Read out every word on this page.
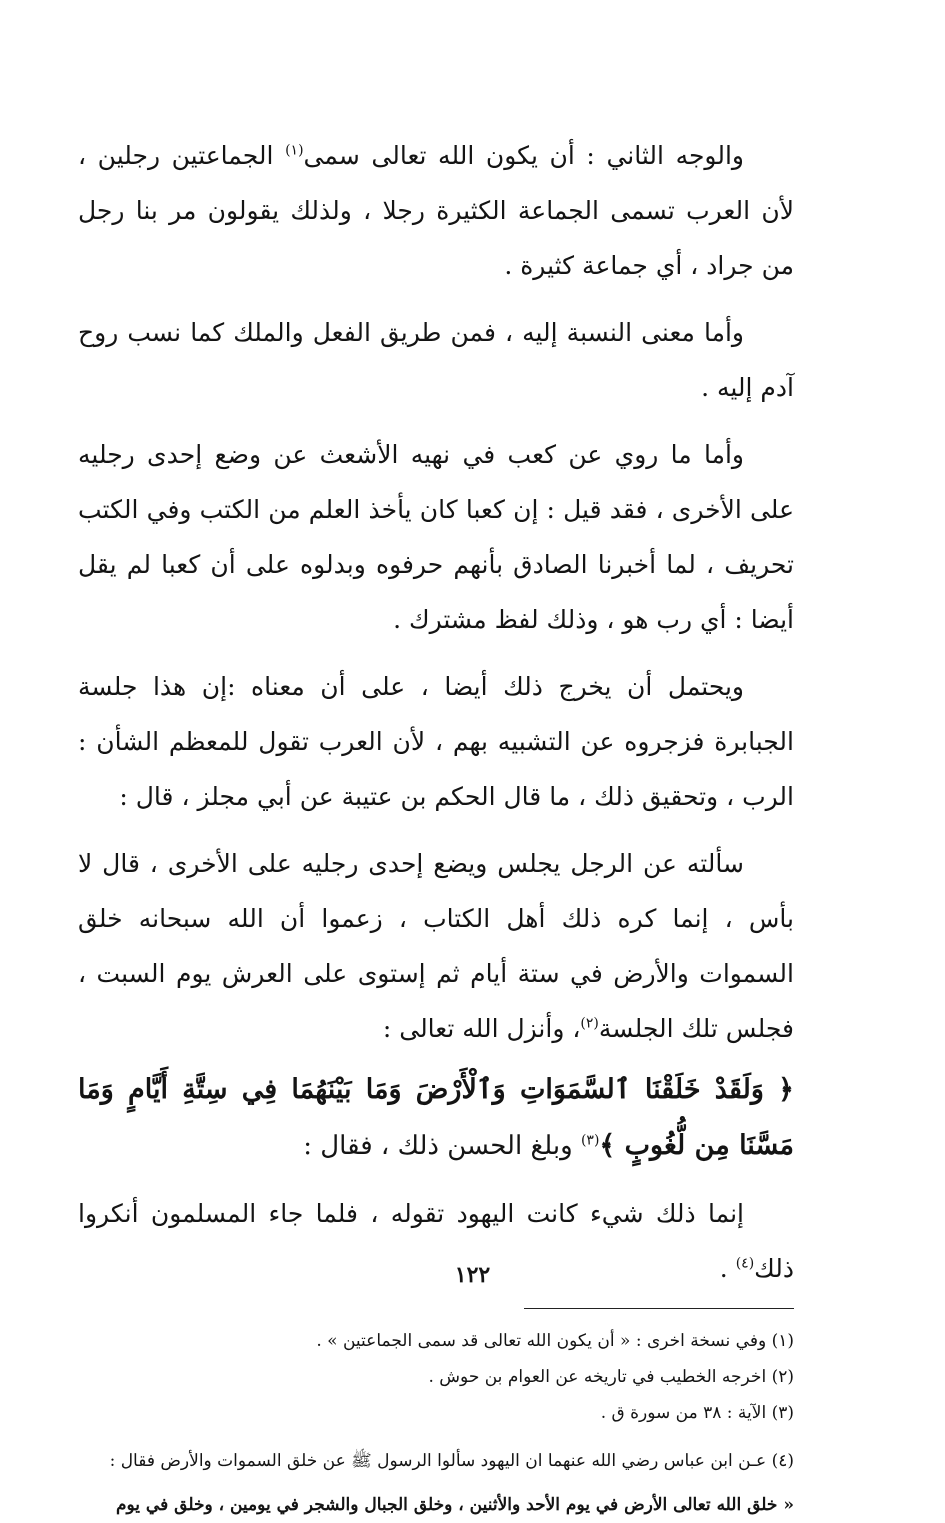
والوجه الثاني : أن يكون الله تعالى سمى$^{(١)}$ الجماعتين رجلين ، لأن العرب تسمى الجماعة الكثيرة رجلا ، ولذلك يقولون مر بنا رجل من جراد ، أي جماعة كثيرة .

وأما معنى النسبة إليه ، فمن طريق الفعل والملك كما نسب روح آدم إليه .

وأما ما روي عن كعب في نهيه الأشعث عن وضع إحدى رجليه على الأخرى ، فقد قيل : إن كعبا كان يأخذ العلم من الكتب وفي الكتب تحريف ، لما أخبرنا الصادق بأنهم حرفوه وبدلوه على أن كعبا لم يقل أيضا : أي رب هو ، وذلك لفظ مشترك .

ويحتمل أن يخرج ذلك أيضا ، على أن معناه :إن هذا جلسة الجبابرة فزجروه عن التشبيه بهم ، لأن العرب تقول للمعظم الشأن : الرب ، وتحقيق ذلك ، ما قال الحكم بن عتيبة عن أبي مجلز ، قال :

سألته عن الرجل يجلس ويضع إحدى رجليه على الأخرى ، قال لا بأس ، إنما كره ذلك أهل الكتاب ، زعموا أن الله سبحانه خلق السموات والأرض في ستة أيام ثم إستوى على العرش يوم السبت ، فجلس تلك الجلسة$^{(٢)}$، وأنزل الله تعالى :

﴿ وَلَقَدْ خَلَقْنَا ٱلسَّمَوَاتِ وَٱلْأَرْضَ وَمَا بَيْنَهُمَا فِي سِتَّةِ أَيَّامٍ وَمَا مَسَّنَا مِن لُّغُوبٍ ﴾$^{(٣)}$ وبلغ الحسن ذلك ، فقال :

إنما ذلك شيء كانت اليهود تقوله ، فلما جاء المسلمون أنكروا ذلك$^{(٤)}$ .

(١) وفي نسخة اخرى : « أن يكون الله تعالى قد سمى الجماعتين » .

(٢) اخرجه الخطيب في تاريخه عن العوام بن حوش .

(٣) الآية : ٣٨ من سورة ق .

(٤) عـن ابن عباس رضي الله عنهما ان اليهود سألوا الرسول ﷺ عن خلق السموات والأرض فقال :

« خلق الله تعالى الأرض في يوم الأحد والأثنين ، وخلق الجبال والشجر في يومين ، وخلق في يوم

١٢٢
